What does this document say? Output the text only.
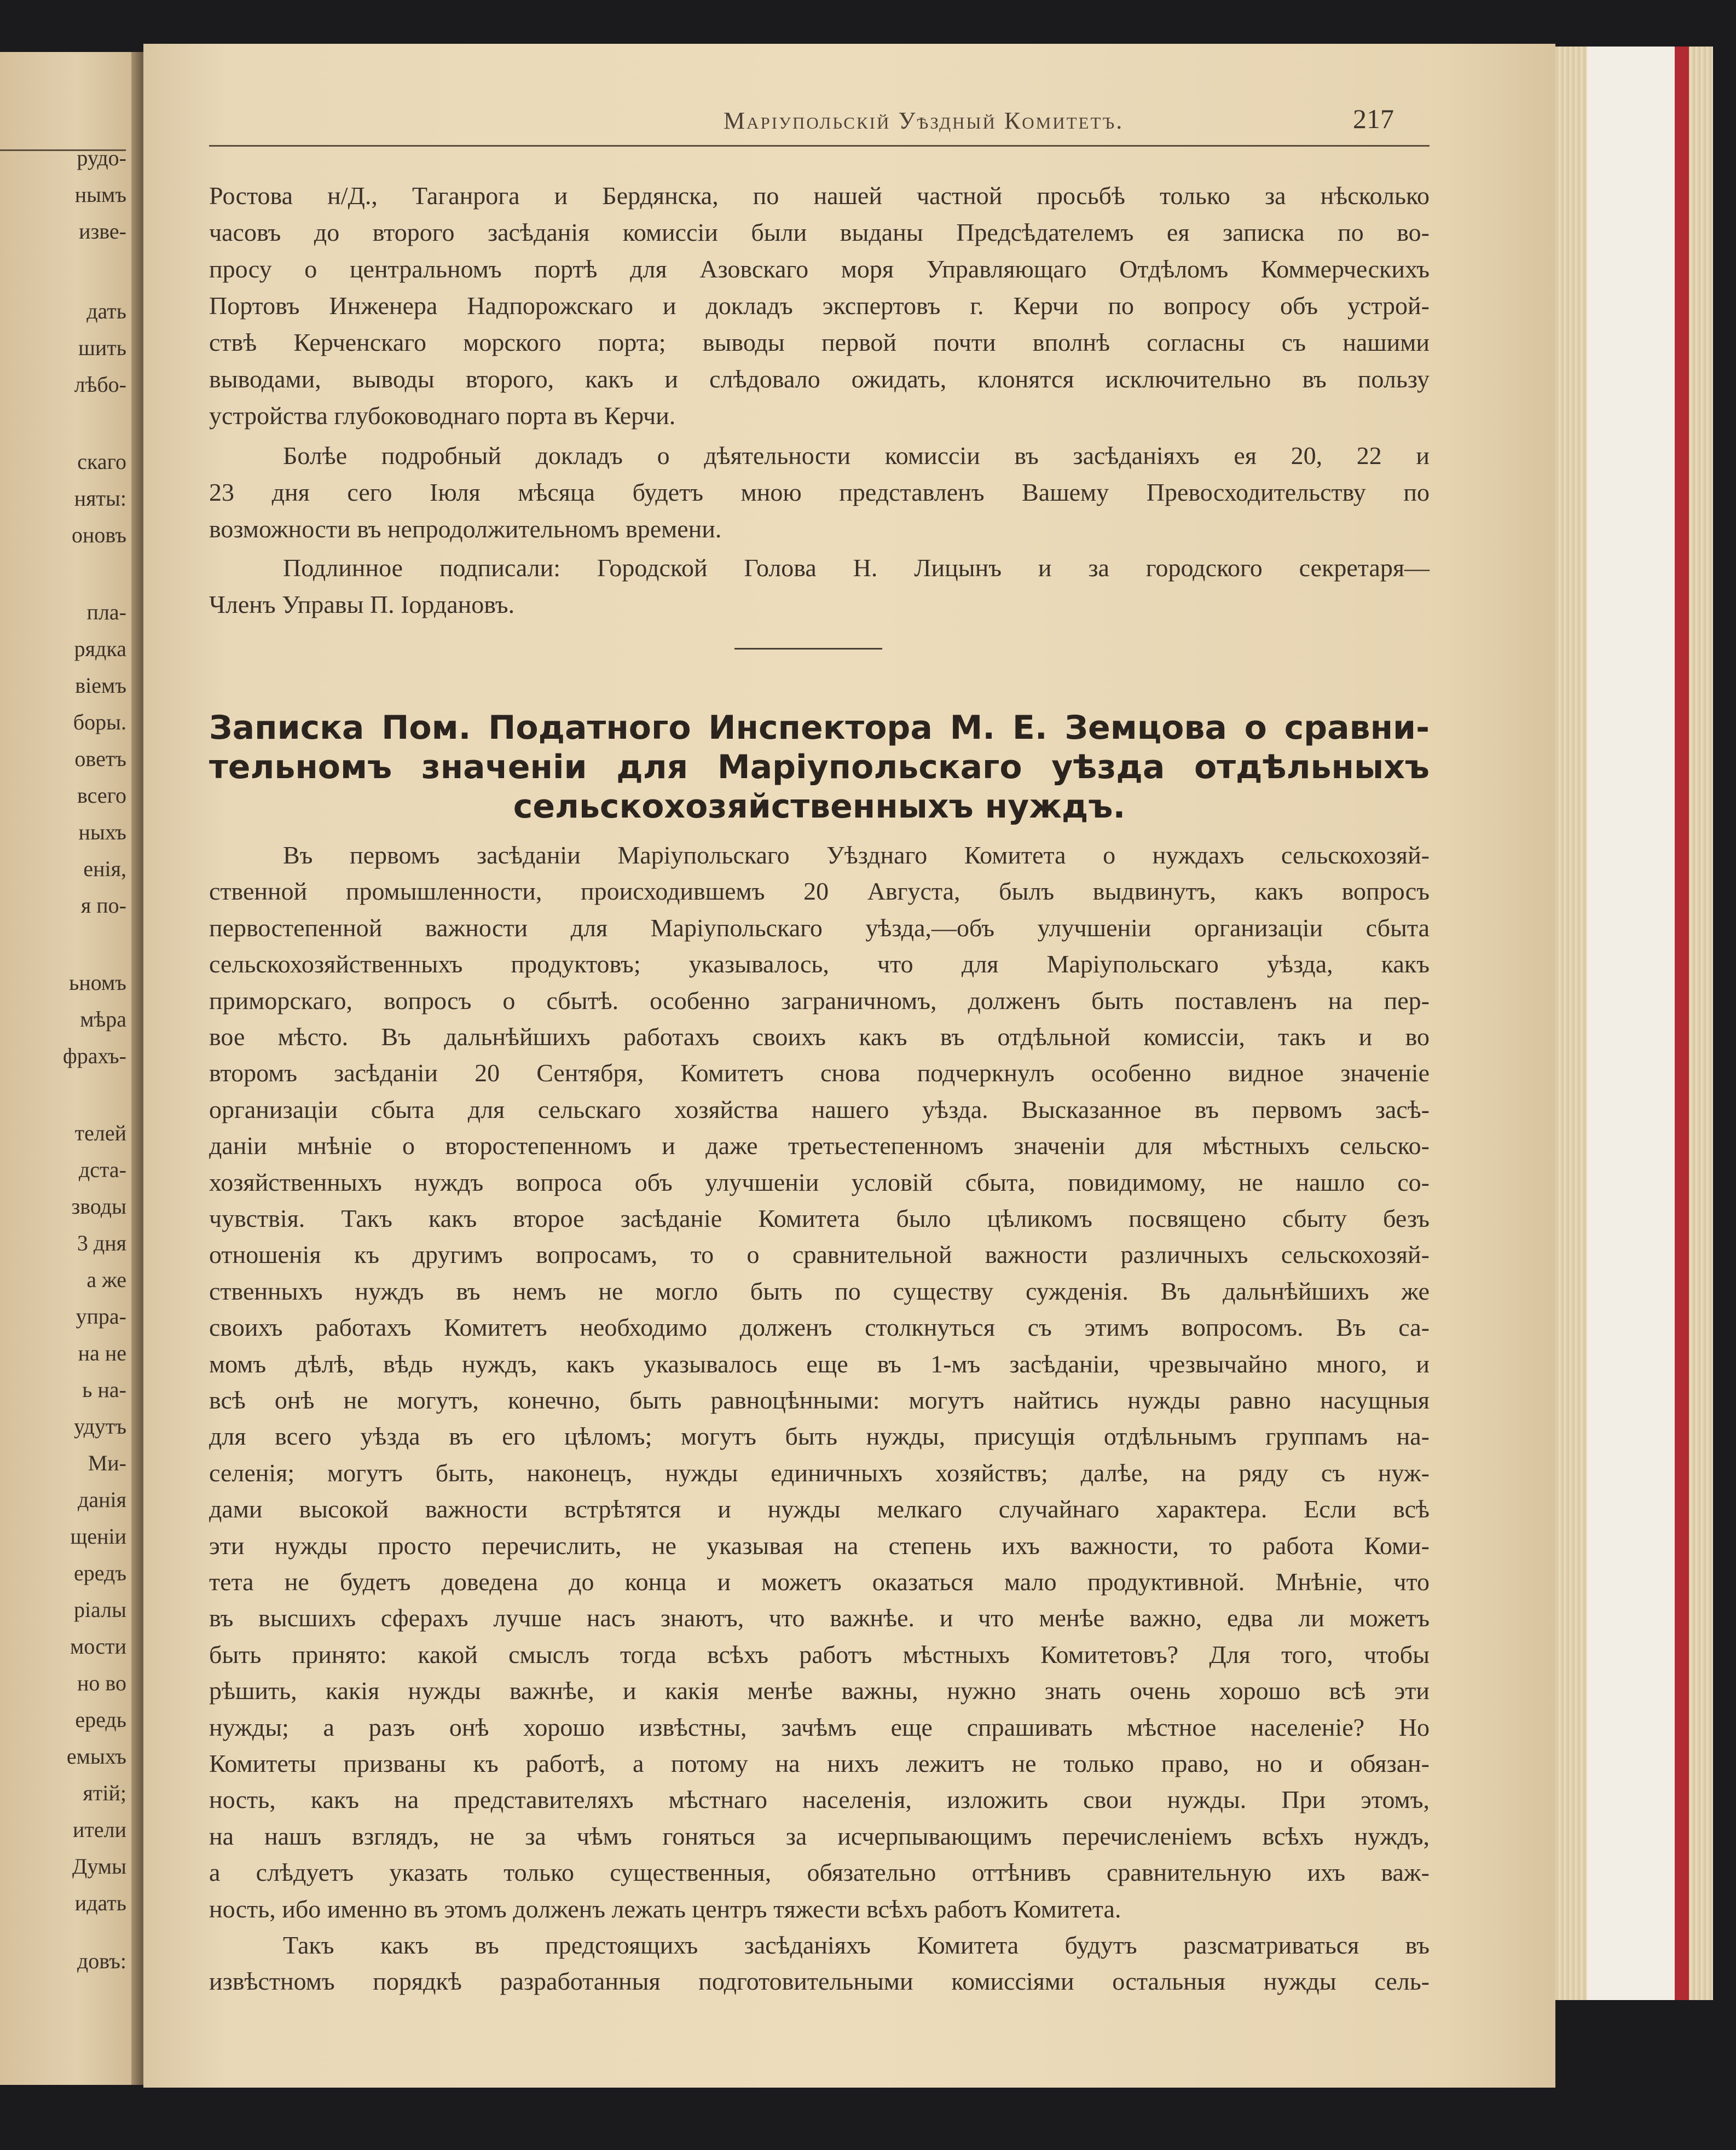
рудо-
нымъ
изве-
дать
шить
лѣбо-
скаго
няты:
оновъ
пла-
рядка
віемъ
боры.
оветъ
всего
ныхъ
енія,
я по-
ьномъ
мѣра
фрахъ-
телей
дста-
зводы
3 дня
а же
упра-
на не
ь на-
удутъ
Ми-
данія
щеніи
ередъ
ріалы
мости
но во
ередь
емыхъ
ятій;
ители
Думы
идать
довъ:
Маріупольскій Уѣздный Комитетъ.	217
Ростова н/Д., Таганрога и Бердянска, по нашей частной просьбѣ только за нѣсколько
часовъ до второго засѣданія комиссіи были выданы Предсѣдателемъ ея записка по во-
просу о центральномъ портѣ для Азовскаго моря Управляющаго Отдѣломъ Коммерческихъ
Портовъ Инженера Надпорожскаго и докладъ экспертовъ г. Керчи по вопросу объ устрой-
ствѣ Керченскаго морского порта; выводы первой почти вполнѣ согласны съ нашими
выводами, выводы второго, какъ и слѣдовало ожидать, клонятся исключительно въ пользу
устройства глубоководнаго порта въ Керчи.
Болѣе подробный докладъ о дѣятельности комиссіи въ засѣданіяхъ ея 20, 22 и
23 дня сего Іюля мѣсяца будетъ мною представленъ Вашему Превосходительству по
возможности въ непродолжительномъ времени.
Подлинное подписали: Городской Голова Н. Лицынъ и за городского секретаря—
Членъ Управы П. Іордановъ.
Записка Пом. Податного Инспектора М. Е. Земцова о сравни-
тельномъ значеніи для Маріупольскаго уѣзда отдѣльныхъ
сельскохозяйственныхъ нуждъ.
Въ первомъ засѣданіи Маріупольскаго Уѣзднаго Комитета о нуждахъ сельскохозяй-
ственной промышленности, происходившемъ 20 Августа, былъ выдвинутъ, какъ вопросъ
первостепенной важности для Маріупольскаго уѣзда,—объ улучшеніи организаціи сбыта
сельскохозяйственныхъ продуктовъ; указывалось, что для Маріупольскаго уѣзда, какъ
приморскаго, вопросъ о сбытѣ. особенно заграничномъ, долженъ быть поставленъ на пер-
вое мѣсто. Въ дальнѣйшихъ работахъ своихъ какъ въ отдѣльной комиссіи, такъ и во
второмъ засѣданіи 20 Сентября, Комитетъ снова подчеркнулъ особенно видное значеніе
организаціи сбыта для сельскаго хозяйства нашего уѣзда. Высказанное въ первомъ засѣ-
даніи мнѣніе о второстепенномъ и даже третьестепенномъ значеніи для мѣстныхъ сельско-
хозяйственныхъ нуждъ вопроса объ улучшеніи условій сбыта, повидимому, не нашло со-
чувствія. Такъ какъ второе засѣданіе Комитета было цѣликомъ посвящено сбыту безъ
отношенія къ другимъ вопросамъ, то о сравнительной важности различныхъ сельскохозяй-
ственныхъ нуждъ въ немъ не могло быть по существу сужденія. Въ дальнѣйшихъ же
своихъ работахъ Комитетъ необходимо долженъ столкнуться съ этимъ вопросомъ. Въ са-
момъ дѣлѣ, вѣдь нуждъ, какъ указывалось еще въ 1-мъ засѣданіи, чрезвычайно много, и
всѣ онѣ не могутъ, конечно, быть равноцѣнными: могутъ найтись нужды равно насущныя
для всего уѣзда въ его цѣломъ; могутъ быть нужды, присущія отдѣльнымъ группамъ на-
селенія; могутъ быть, наконецъ, нужды единичныхъ хозяйствъ; далѣе, на ряду съ нуж-
дами высокой важности встрѣтятся и нужды мелкаго случайнаго характера. Если всѣ
эти нужды просто перечислить, не указывая на степень ихъ важности, то работа Коми-
тета не будетъ доведена до конца и можетъ оказаться мало продуктивной. Мнѣніе, что
въ высшихъ сферахъ лучше насъ знаютъ, что важнѣе. и что менѣе важно, едва ли можетъ
быть принято: какой смыслъ тогда всѣхъ работъ мѣстныхъ Комитетовъ? Для того, чтобы
рѣшить, какія нужды важнѣе, и какія менѣе важны, нужно знать очень хорошо всѣ эти
нужды; а разъ онѣ хорошо извѣстны, зачѣмъ еще спрашивать мѣстное населеніе? Но
Комитеты призваны къ работѣ, а потому на нихъ лежитъ не только право, но и обязан-
ность, какъ на представителяхъ мѣстнаго населенія, изложить свои нужды. При этомъ,
на нашъ взглядъ, не за чѣмъ гоняться за исчерпывающимъ перечисленіемъ всѣхъ нуждъ,
а слѣдуетъ указать только существенныя, обязательно оттѣнивъ сравнительную ихъ важ-
ность, ибо именно въ этомъ долженъ лежать центръ тяжести всѣхъ работъ Комитета.
Такъ какъ въ предстоящихъ засѣданіяхъ Комитета будутъ разсматриваться въ
извѣстномъ порядкѣ разработанныя подготовительными комиссіями остальныя нужды сель-
